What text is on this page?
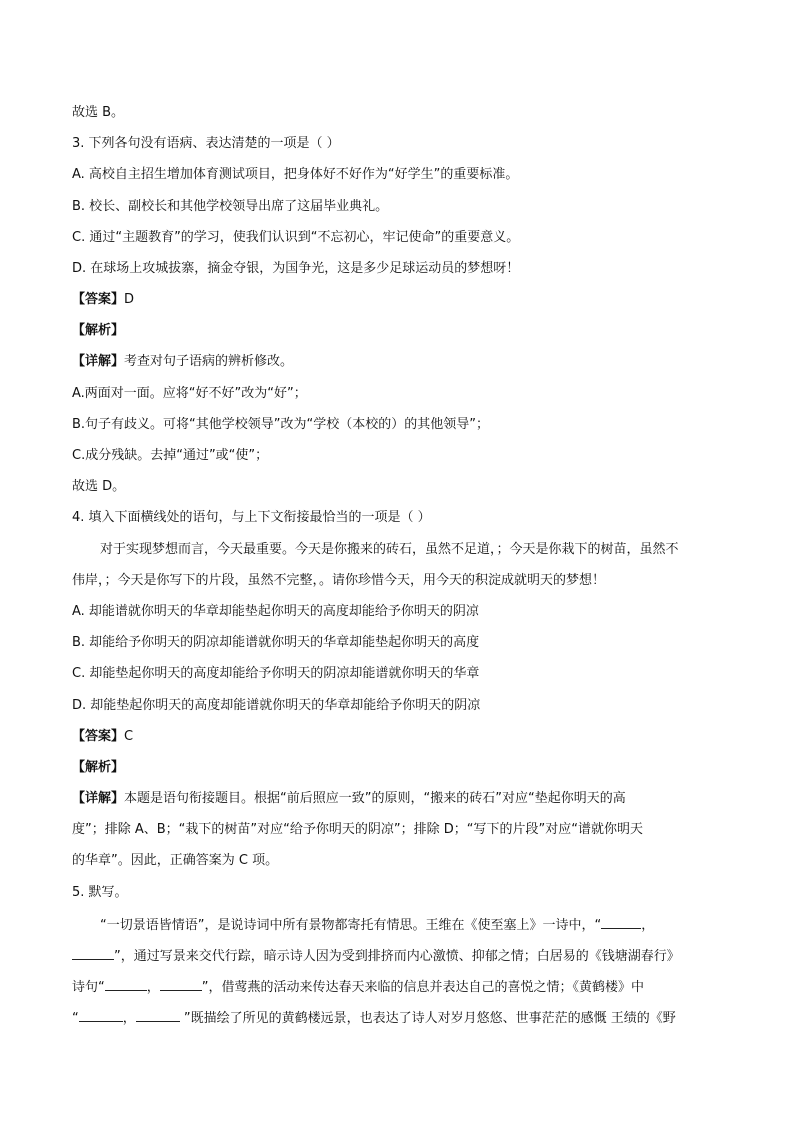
故选 B。
3. 下列各句没有语病、表达清楚的一项是（ ）
A. 高校自主招生增加体育测试项目，把身体好不好作为“好学生”的重要标准。
B. 校长、副校长和其他学校领导出席了这届毕业典礼。
C. 通过“主题教育”的学习，使我们认识到“不忘初心，牢记使命”的重要意义。
D. 在球场上攻城拔寨，摘金夺银，为国争光，这是多少足球运动员的梦想呀！
【答案】D
【解析】
【详解】考查对句子语病的辨析修改。
A.两面对一面。应将“好不好”改为“好”；
B.句子有歧义。可将“其他学校领导”改为“学校（本校的）的其他领导”；
C.成分残缺。去掉“通过”或“使”；
故选 D。
4. 填入下面横线处的语句，与上下文衔接最恰当的一项是（ ）
对于实现梦想而言，今天最重要。今天是你搬来的砖石，虽然不足道，；今天是你栽下的树苗，虽然不
伟岸，；今天是你写下的片段，虽然不完整，。请你珍惜今天，用今天的积淀成就明天的梦想！
A. 却能谱就你明天的华章却能垫起你明天的高度却能给予你明天的阴凉
B. 却能给予你明天的阴凉却能谱就你明天的华章却能垫起你明天的高度
C. 却能垫起你明天的高度却能给予你明天的阴凉却能谱就你明天的华章
D. 却能垫起你明天的高度却能谱就你明天的华章却能给予你明天的阴凉
【答案】C
【解析】
【详解】本题是语句衔接题目。根据“前后照应一致”的原则，“搬来的砖石”对应“垫起你明天的高
度”；排除 A、B；“栽下的树苗”对应“给予你明天的阴凉”；排除 D；“写下的片段”对应“谱就你明天
的华章”。因此，正确答案为 C 项。
5. 默写。
“一切景语皆情语”，是说诗词中所有景物都寄托有情思。王维在《使至塞上》一诗中，“	，
”，通过写景来交代行踪，暗示诗人因为受到排挤而内心激愤、抑郁之情；白居易的《钱塘湖春行》
诗句“	，	”，借莺燕的活动来传达春天来临的信息并表达自己的喜悦之情；《黄鹤楼》中
“	，	”既描绘了所见的黄鹤楼远景，也表达了诗人对岁月悠悠、世事茫茫的感慨 王绩的《野
